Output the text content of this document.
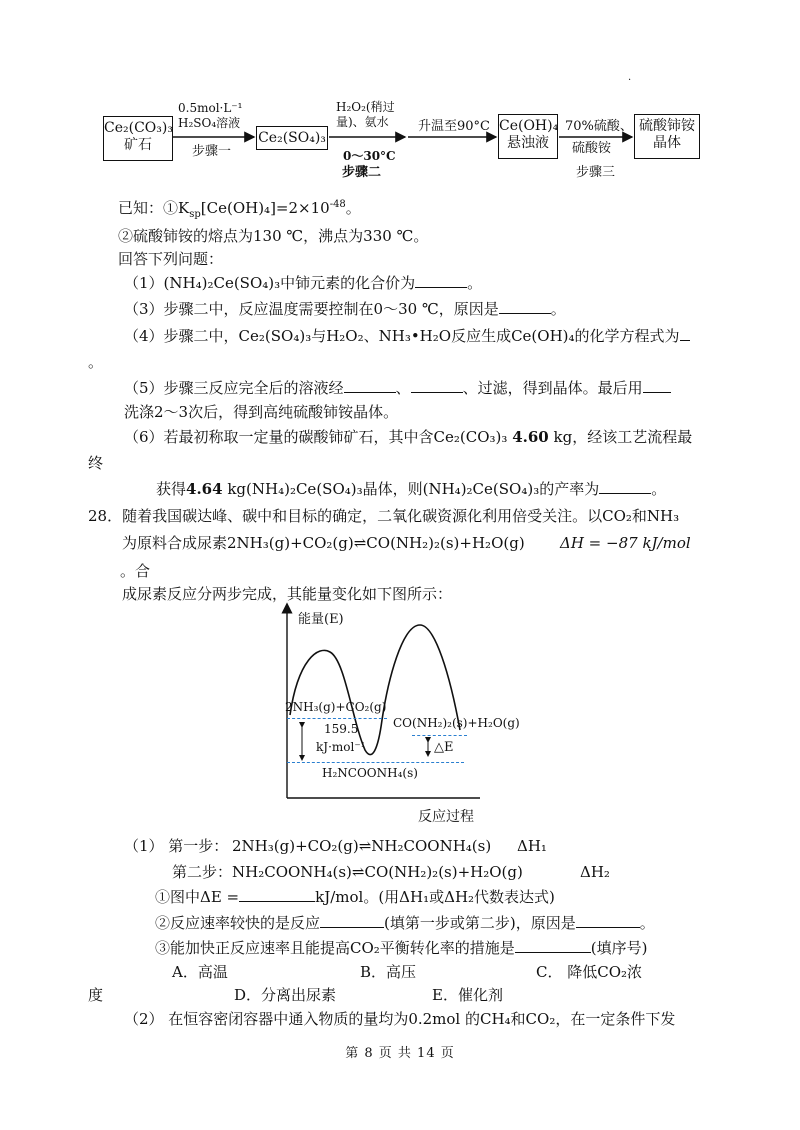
.
Ce₂(CO₃)₃
矿石
0.5mol·L⁻¹
H₂SO₄溶液
步骤一
Ce₂(SO₄)₃
H₂O₂(稍过
量)、氨水
0～30°C
步骤二
升温至90°C Ce(OH)₄
悬浊液
70%硫酸、
硫酸铵
步骤三
硫酸铈铵
晶体
已知：$①K_{sp}[Ce(OH)_4]=2\times 10^{-48}$。
②硫酸铈铵的熔点为130 ℃，沸点为330 ℃。
回答下列问题：
（1）(NH₄)₂Ce(SO₄)₃中铈元素的化合价为	。
（3）步骤二中，反应温度需要控制在0～30 ℃，原因是	。
（4）步骤二中，Ce₂(SO₄)₃与H₂O₂、NH₃•H₂O反应生成Ce(OH)₄的化学方程式为
。
（5）步骤三反应完全后的溶液经	、	、过滤，得到晶体。最后用
洗涤2～3次后，得到高纯硫酸铈铵晶体。
（6）若最初称取一定量的碳酸铈矿石，其中含Ce₂(CO₃)₃ 4.60 kg，经该工艺流程最
终
获得4.64 kg(NH₄)₂Ce(SO₄)₃晶体，则(NH₄)₂Ce(SO₄)₃的产率为	。
28．随着我国碳达峰、碳中和目标的确定，二氧化碳资源化利用倍受关注。以CO₂和NH₃
为原料合成尿素2NH₃(g)+CO₂(g)⇌CO(NH₂)₂(s)+H₂O(g) ΔH = −87 kJ/mol
。合
成尿素反应分两步完成，其能量变化如下图所示：
能量(E)
2NH₃(g)+CO₂(g)
CO(NH₂)₂(s)+H₂O(g)
159.5
kJ·mol⁻¹	△E
H₂NCOONH₄(s)
反应过程
（1） 第一步： 2NH₃(g)+CO₂(g)⇌NH₂COONH₄(s) ΔH₁
第二步： NH₂COONH₄(s)⇌CO(NH₂)₂(s)+H₂O(g)	ΔH₂
①图中ΔE =	kJ/mol。(用ΔH₁或ΔH₂代数表达式)
②反应速率较快的是反应	(填第一步或第二步)，原因是	。
③能加快正反应速率且能提高CO₂平衡转化率的措施是	(填序号)
A．高温	B．高压	C． 降低CO₂浓
度	D．分离出尿素	E．催化剂
（2） 在恒容密闭容器中通入物质的量均为0.2mol 的CH₄和CO₂，在一定条件下发
第 8 页 共 14 页
